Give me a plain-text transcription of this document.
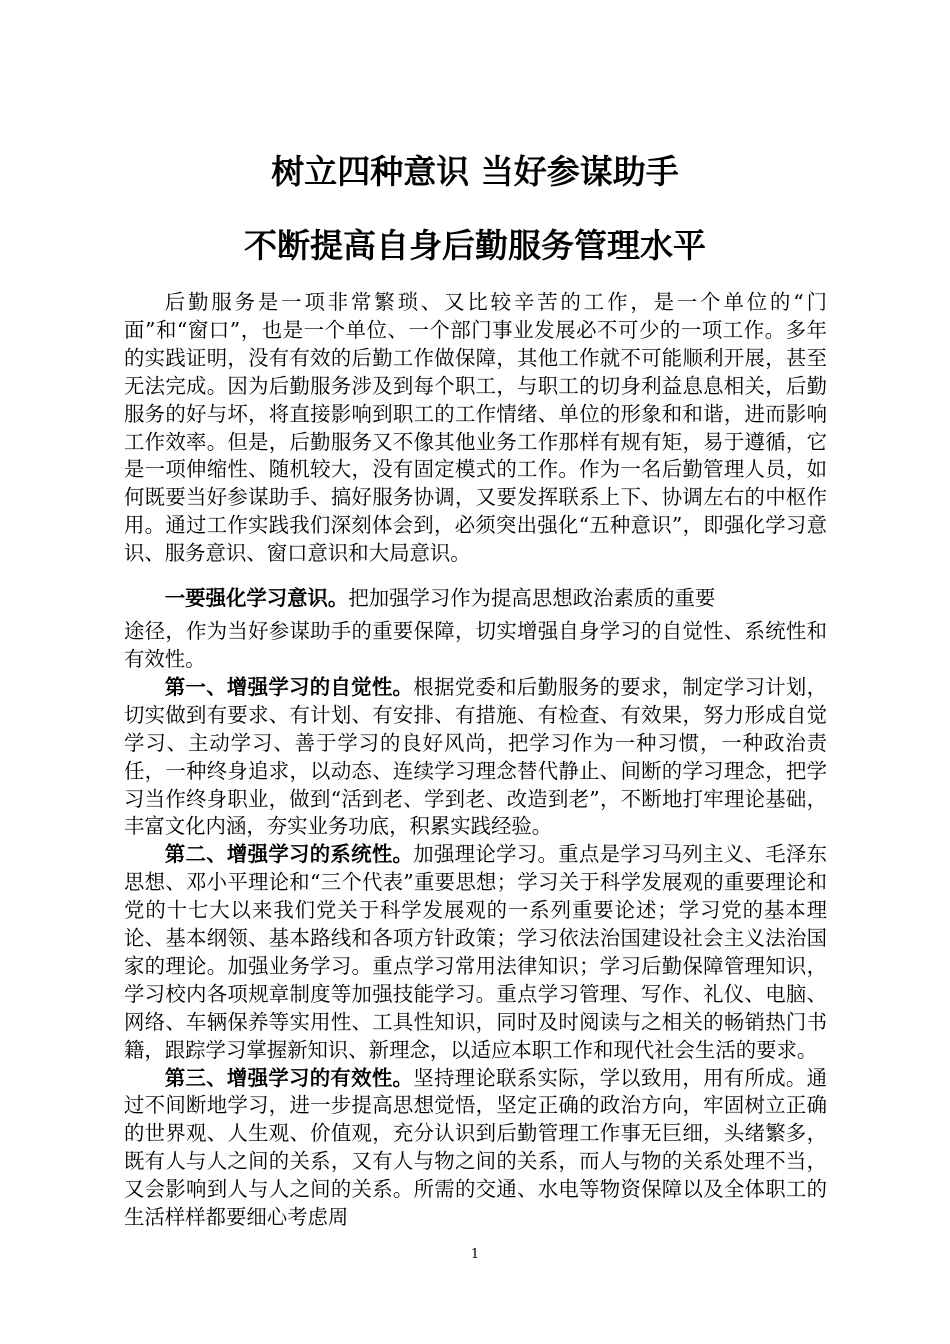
树立四种意识 当好参谋助手
不断提高自身后勤服务管理水平

后勤服务是一项非常繁琐、又比较辛苦的工作，是一个单位的“门面”和“窗口”，也是一个单位、一个部门事业发展必不可少的一项工作。多年的实践证明，没有有效的后勤工作做保障，其他工作就不可能顺利开展，甚至无法完成。因为后勤服务涉及到每个职工，与职工的切身利益息息相关，后勤服务的好与坏，将直接影响到职工的工作情绪、单位的形象和和谐，进而影响工作效率。但是，后勤服务又不像其他业务工作那样有规有矩，易于遵循，它是一项伸缩性、随机较大，没有固定模式的工作。作为一名后勤管理人员，如何既要当好参谋助手、搞好服务协调，又要发挥联系上下、协调左右的中枢作用。通过工作实践我们深刻体会到，必须突出强化“五种意识”，即强化学习意识、服务意识、窗口意识和大局意识。

一要强化学习意识。把加强学习作为提高思想政治素质的重要
途径，作为当好参谋助手的重要保障，切实增强自身学习的自觉性、系统性和有效性。

第一、增强学习的自觉性。根据党委和后勤服务的要求，制定学习计划，切实做到有要求、有计划、有安排、有措施、有检查、有效果，努力形成自觉学习、主动学习、善于学习的良好风尚，把学习作为一种习惯，一种政治责任，一种终身追求，以动态、连续学习理念替代静止、间断的学习理念，把学习当作终身职业，做到“活到老、学到老、改造到老”，不断地打牢理论基础，丰富文化内涵，夯实业务功底，积累实践经验。

第二、增强学习的系统性。加强理论学习。重点是学习马列主义、毛泽东思想、邓小平理论和“三个代表”重要思想；学习关于科学发展观的重要理论和党的十七大以来我们党关于科学发展观的一系列重要论述；学习党的基本理论、基本纲领、基本路线和各项方针政策；学习依法治国建设社会主义法治国家的理论。加强业务学习。重点学习常用法律知识；学习后勤保障管理知识，学习校内各项规章制度等加强技能学习。重点学习管理、写作、礼仪、电脑、网络、车辆保养等实用性、工具性知识，同时及时阅读与之相关的畅销热门书籍，跟踪学习掌握新知识、新理念，以适应本职工作和现代社会生活的要求。

第三、增强学习的有效性。坚持理论联系实际，学以致用，用有所成。通过不间断地学习，进一步提高思想觉悟，坚定正确的政治方向，牢固树立正确的世界观、人生观、价值观，充分认识到后勤管理工作事无巨细，头绪繁多，既有人与人之间的关系，又有人与物之间的关系，而人与物的关系处理不当，又会影响到人与人之间的关系。所需的交通、水电等物资保障以及全体职工的生活样样都要细心考虑周

1
